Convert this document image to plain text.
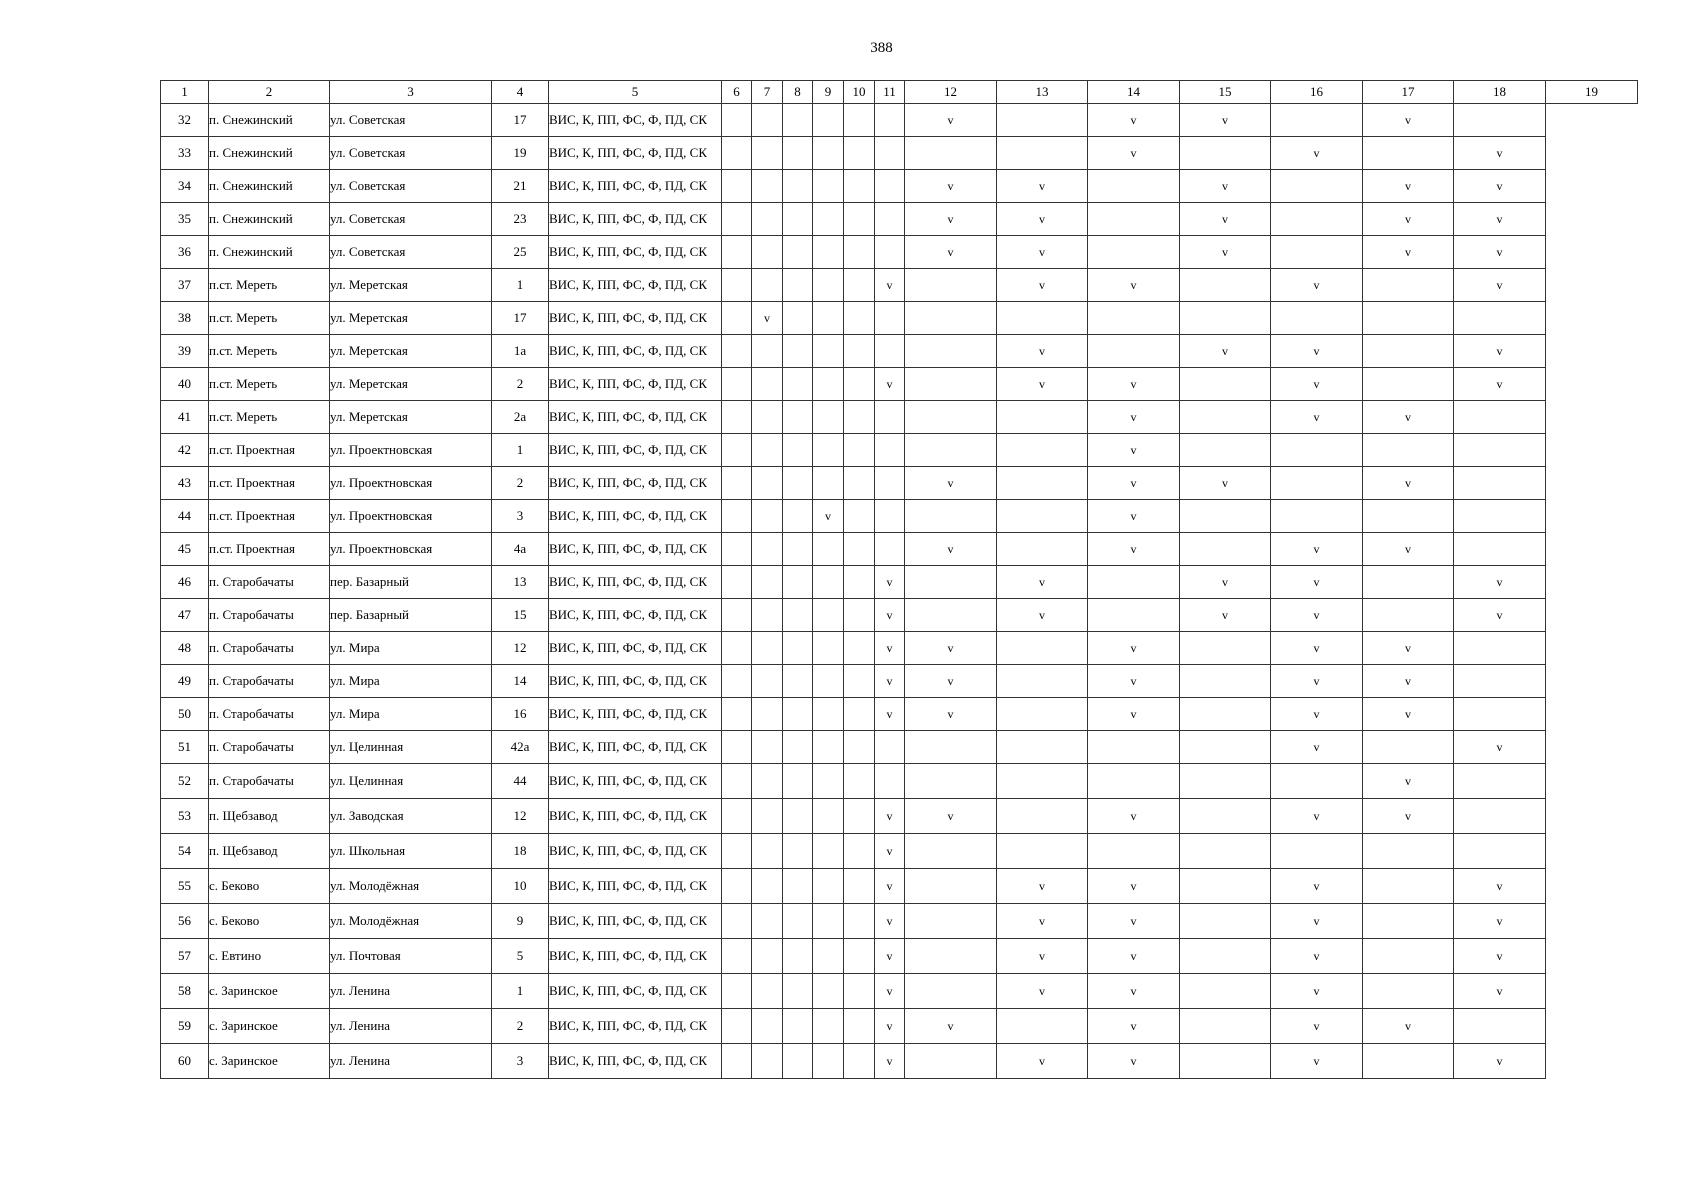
388
1	2	3	4	5	6	7	8	9	10	11	12	13	14	15	16	17	18	19
32	п. Снежинский	ул. Советская	17	ВИС, К, ПП, ФС, Ф, ПД, СК							v		v	v		v		
33	п. Снежинский	ул. Советская	19	ВИС, К, ПП, ФС, Ф, ПД, СК									v		v		v	
34	п. Снежинский	ул. Советская	21	ВИС, К, ПП, ФС, Ф, ПД, СК							v	v		v		v	v	
35	п. Снежинский	ул. Советская	23	ВИС, К, ПП, ФС, Ф, ПД, СК							v	v		v		v	v	
36	п. Снежинский	ул. Советская	25	ВИС, К, ПП, ФС, Ф, ПД, СК							v	v		v		v	v	
37	п.ст. Мереть	ул. Меретская	1	ВИС, К, ПП, ФС, Ф, ПД, СК						v		v	v		v		v	
38	п.ст. Мереть	ул. Меретская	17	ВИС, К, ПП, ФС, Ф, ПД, СК		v												
39	п.ст. Мереть	ул. Меретская	1а	ВИС, К, ПП, ФС, Ф, ПД, СК								v		v	v		v	
40	п.ст. Мереть	ул. Меретская	2	ВИС, К, ПП, ФС, Ф, ПД, СК						v		v	v		v		v	
41	п.ст. Мереть	ул. Меретская	2а	ВИС, К, ПП, ФС, Ф, ПД, СК									v		v	v		
42	п.ст. Проектная	ул. Проектновская	1	ВИС, К, ПП, ФС, Ф, ПД, СК									v					
43	п.ст. Проектная	ул. Проектновская	2	ВИС, К, ПП, ФС, Ф, ПД, СК							v		v	v		v		
44	п.ст. Проектная	ул. Проектновская	3	ВИС, К, ПП, ФС, Ф, ПД, СК				v					v					
45	п.ст. Проектная	ул. Проектновская	4а	ВИС, К, ПП, ФС, Ф, ПД, СК							v		v		v	v		
46	п. Старобачаты	пер. Базарный	13	ВИС, К, ПП, ФС, Ф, ПД, СК						v		v		v	v		v	
47	п. Старобачаты	пер. Базарный	15	ВИС, К, ПП, ФС, Ф, ПД, СК						v		v		v	v		v	
48	п. Старобачаты	ул. Мира	12	ВИС, К, ПП, ФС, Ф, ПД, СК						v	v		v		v	v		
49	п. Старобачаты	ул. Мира	14	ВИС, К, ПП, ФС, Ф, ПД, СК						v	v		v		v	v		
50	п. Старобачаты	ул. Мира	16	ВИС, К, ПП, ФС, Ф, ПД, СК						v	v		v		v	v		
51	п. Старобачаты	ул. Целинная	42а	ВИС, К, ПП, ФС, Ф, ПД, СК											v		v	
52	п. Старобачаты	ул. Целинная	44	ВИС, К, ПП, ФС, Ф, ПД, СК												v		
53	п. Щебзавод	ул. Заводская	12	ВИС, К, ПП, ФС, Ф, ПД, СК						v	v		v		v	v		
54	п. Щебзавод	ул. Школьная	18	ВИС, К, ПП, ФС, Ф, ПД, СК						v								
55	с. Беково	ул. Молодёжная	10	ВИС, К, ПП, ФС, Ф, ПД, СК						v		v	v		v		v	
56	с. Беково	ул. Молодёжная	9	ВИС, К, ПП, ФС, Ф, ПД, СК						v		v	v		v		v	
57	с. Евтино	ул. Почтовая	5	ВИС, К, ПП, ФС, Ф, ПД, СК						v		v	v		v		v	
58	с. Заринское	ул. Ленина	1	ВИС, К, ПП, ФС, Ф, ПД, СК						v		v	v		v		v	
59	с. Заринское	ул. Ленина	2	ВИС, К, ПП, ФС, Ф, ПД, СК						v	v		v		v	v		
60	с. Заринское	ул. Ленина	3	ВИС, К, ПП, ФС, Ф, ПД, СК						v		v	v		v		v	
